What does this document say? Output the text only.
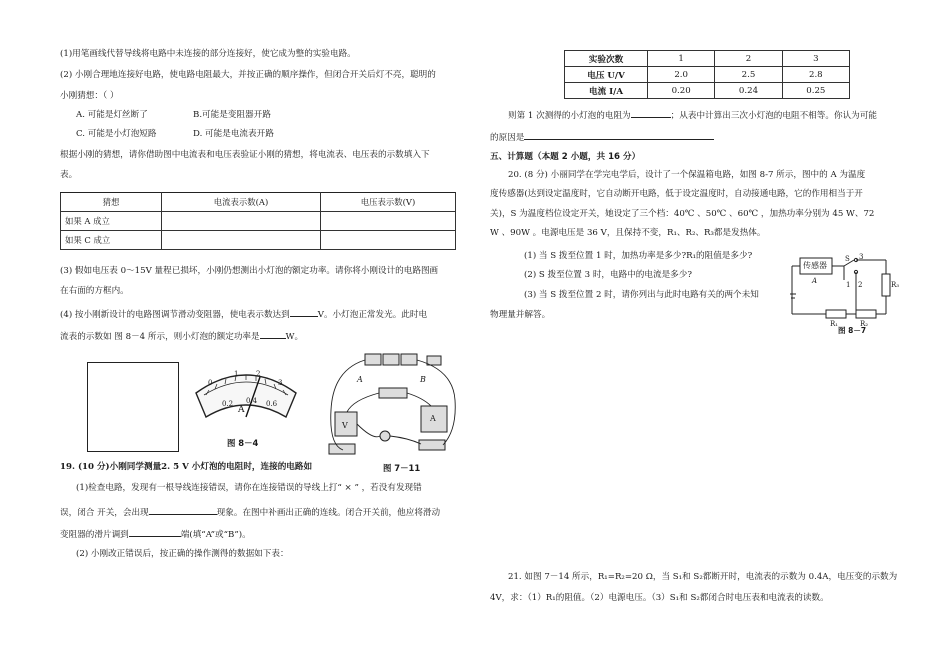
(1)用笔画线代替导线将电路中未连接的部分连接好，使它成为整的实验电路。
(2) 小刚合理地连接好电路，使电路电阻最大，并按正确的顺序操作，但闭合开关后灯不亮，聪明的
小刚猜想：（ ）
A. 可能是灯丝断了	B.可能是变阻器开路
C. 可能是小灯泡短路	D. 可能是电流表开路
根据小刚的猜想，请你借助图中电流表和电压表验证小刚的猜想，将电流表、电压表的示数填入下
表。
猜想	电流表示数(A)	电压表示数(V)
如果 A 成立		
如果 C 成立		
(3) 假如电压表 0～15V 量程已损坏，小刚仍想测出小灯泡的额定功率。请你将小刚设计的电路图画
在右面的方框内。
(4) 按小刚新设计的电路图调节滑动变阻器，使电表示数达到	V。小灯泡正常发光。此时电
流表的示数如 图 8－4 所示，则小灯泡的额定功率是	W。
0
1	2
3
0.2 0.4 0.6
A
图 8－4
A	B
V
A
图 7－11
19. (10 分)小刚同学测量2. 5 V 小灯泡的电阻时，连接的电路如
(1)检查电路，发现有一根导线连接错误，请你在连接错误的导线上打“ × ” ，若没有发现错
误，闭合 开关，会出现	现象。在图中补画出正确的连线。闭合开关前，他应将滑动
变阻器的滑片调到	端(填“A”或“B”)。
(2) 小刚改正错误后，按正确的操作测得的数据如下表：
实验次数	1	2	3
电压 U/V	2.0	2.5	2.8
电流 I/A	0.20	0.24	0.25
则第 1 次测得的小灯泡的电阻为	；从表中计算出三次小灯泡的电阻不相等。你认为可能
的原因是
五、计算题（本题 2 小题，共 16 分）
20. (8 分) 小丽同学在学完电学后，设计了一个保温箱电路，如图 8-7 所示，图中的 A 为温度
度传感器(达到设定温度时，它自动断开电路，低于设定温度时，自动接通电路，它的作用相当于开
关)，S 为温度档位设定开关，她设定了三个档：40℃ 、50℃ 、60℃ ，加热功率分别为 45 W、72
W 、90W 。电源电压是 36 V，且保持不变，R₁、R₂、R₃都是发热体。
(1) 当 S 拨至位置 1 时，加热功率是多少?R₁的阻值是多少?
(2) S 拨至位置 3 时，电路中的电流是多少?
(3) 当 S 拨至位置 2 时，请你列出与此时电路有关的两个未知
物理量并解答。
传感器
A
S 3
1 2	R₃
R₁	R₂
图 8－7
21. 如图 7－14 所示，R₁=R₂=20 Ω，当 S₁和 S₂都断开时，电流表的示数为 0.4A，电压变的示数为
4V，求：（1）R₁的阻值。（2）电源电压。（3）S₁和 S₂都闭合时电压表和电流表的读数。
